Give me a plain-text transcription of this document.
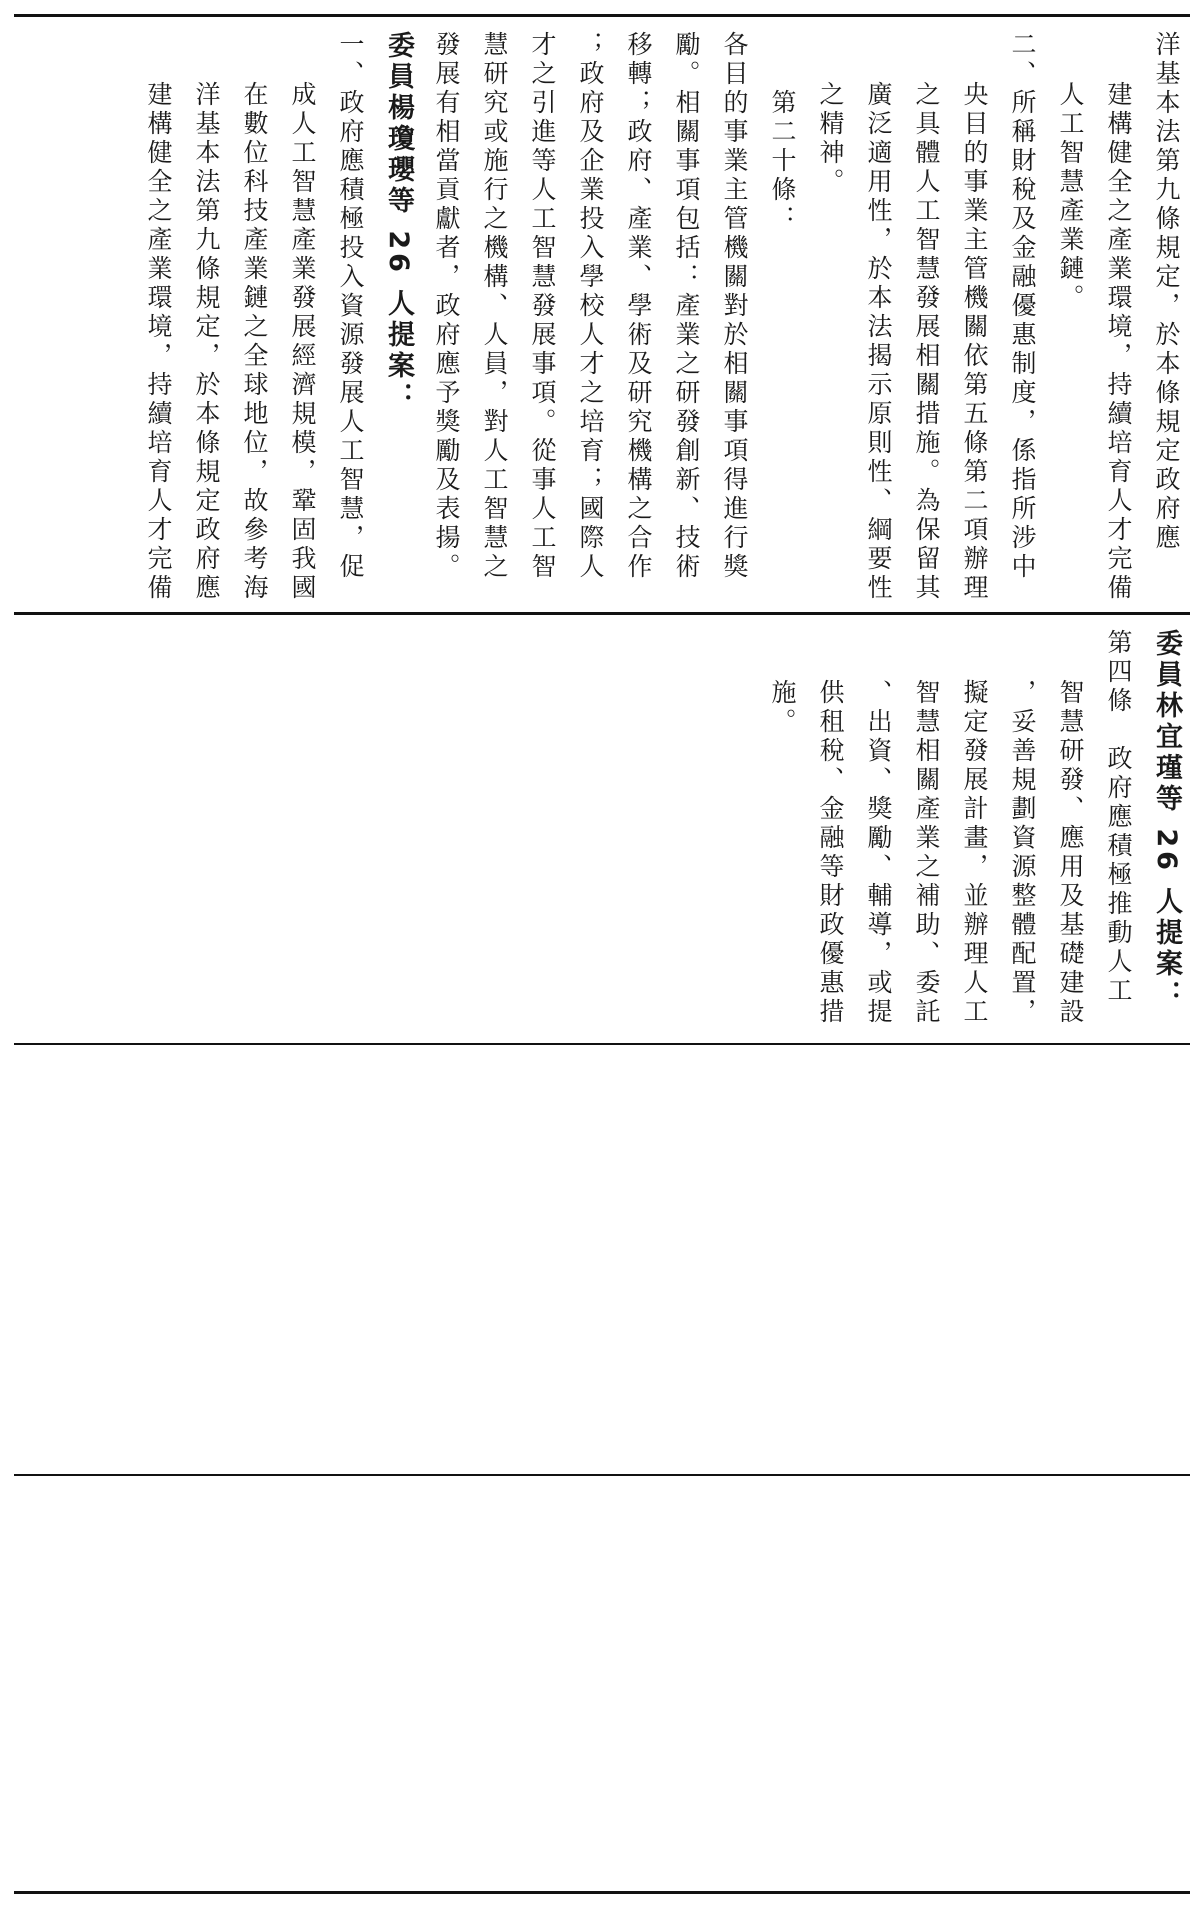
洋基本法第九條規定，於本條規定政府應
建構健全之產業環境，持續培育人才完備
人工智慧產業鏈。
二、所稱財稅及金融優惠制度，係指所涉中
央目的事業主管機關依第五條第二項辦理
之具體人工智慧發展相關措施。為保留其
廣泛適用性，於本法揭示原則性、綱要性
之精神。
第二十條：
各目的事業主管機關對於相關事項得進行獎
勵。相關事項包括：產業之研發創新、技術
移轉；政府、產業、學術及研究機構之合作
；政府及企業投入學校人才之培育；國際人
才之引進等人工智慧發展事項。從事人工智
慧研究或施行之機構、人員，對人工智慧之
發展有相當貢獻者，政府應予獎勵及表揚。
委員楊瓊瓔等 26 人提案：
一、政府應積極投入資源發展人工智慧，促
成人工智慧產業發展經濟規模，鞏固我國
在數位科技產業鏈之全球地位，故參考海
洋基本法第九條規定，於本條規定政府應
建構健全之產業環境，持續培育人才完備
委員林宜瑾等 26 人提案：
第四條　政府應積極推動人工
智慧研發、應用及基礎建設
，妥善規劃資源整體配置，
擬定發展計畫，並辦理人工
智慧相關產業之補助、委託
、出資、獎勵、輔導，或提
供租稅、金融等財政優惠措
施。
